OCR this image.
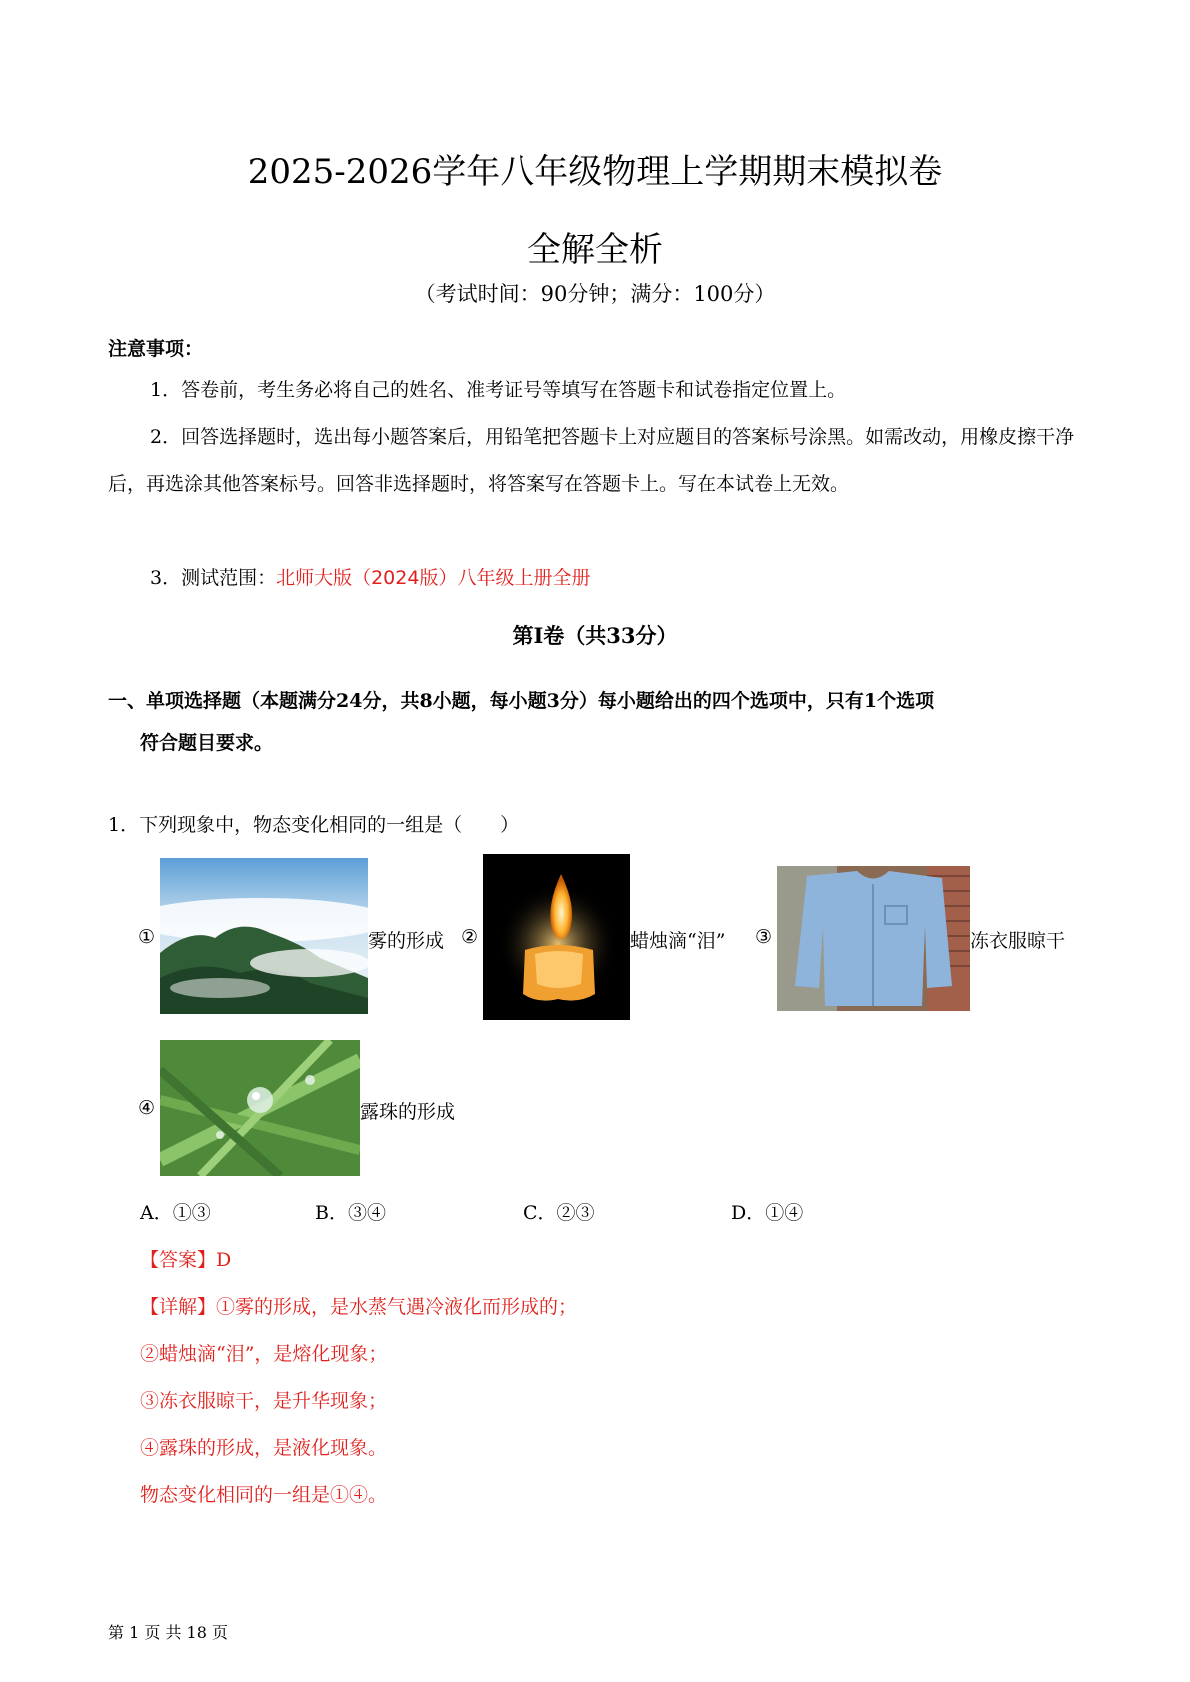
2025-2026学年八年级物理上学期期末模拟卷
全解全析
（考试时间：90分钟；满分：100分）
注意事项：
1．答卷前，考生务必将自己的姓名、准考证号等填写在答题卡和试卷指定位置上。
2．回答选择题时，选出每小题答案后，用铅笔把答题卡上对应题目的答案标号涂黑。如需改动，用橡皮擦干净后，再选涂其他答案标号。回答非选择题时，将答案写在答题卡上。写在本试卷上无效。
3．测试范围：北师大版（2024版）八年级上册全册
第Ⅰ卷（共33分）
一、单项选择题（本题满分24分，共8小题，每小题3分）每小题给出的四个选项中，只有1个选项
符合题目要求。
1．下列现象中，物态变化相同的一组是（　　）
①	雾的形成 ②	蜡烛滴“泪” ③	冻衣服晾干
④	露珠的形成
A．①③	B．③④	C．②③	D．①④
【答案】D
【详解】①雾的形成，是水蒸气遇冷液化而形成的；
②蜡烛滴“泪”，是熔化现象；
③冻衣服晾干，是升华现象；
④露珠的形成，是液化现象。
物态变化相同的一组是①④。
第 1 页 共 18 页
